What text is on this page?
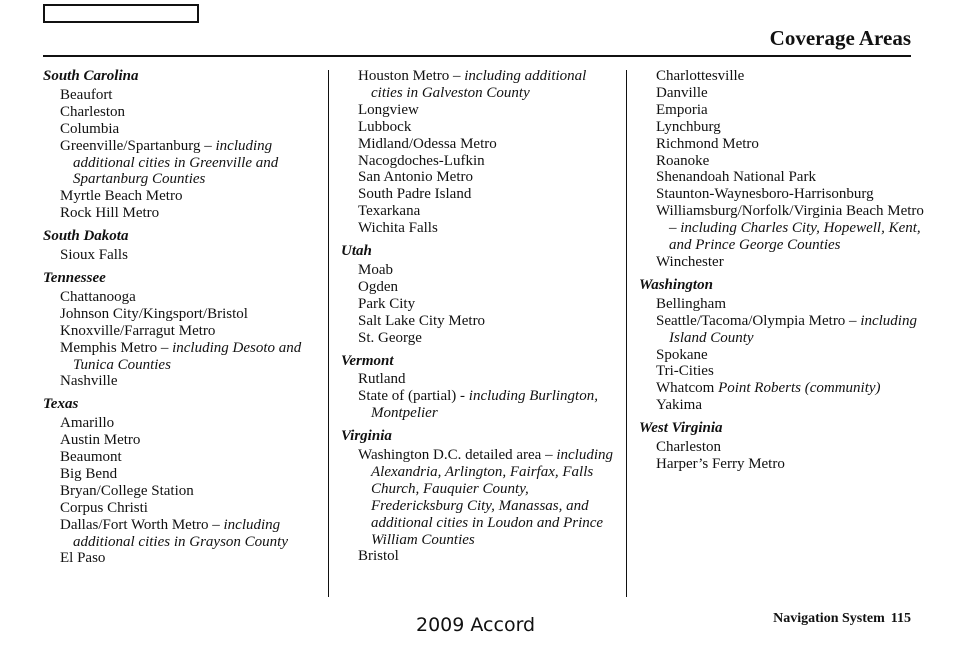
Coverage Areas
South Carolina
Beaufort
Charleston
Columbia
Greenville/Spartanburg – including additional cities in Greenville and Spartanburg Counties
Myrtle Beach Metro
Rock Hill Metro
South Dakota
Sioux Falls
Tennessee
Chattanooga
Johnson City/Kingsport/Bristol
Knoxville/Farragut Metro
Memphis Metro – including Desoto and Tunica Counties
Nashville
Texas
Amarillo
Austin Metro
Beaumont
Big Bend
Bryan/College Station
Corpus Christi
Dallas/Fort Worth Metro – including additional cities in Grayson County
El Paso
Houston Metro – including additional cities in Galveston County
Longview
Lubbock
Midland/Odessa Metro
Nacogdoches-Lufkin
San Antonio Metro
South Padre Island
Texarkana
Wichita Falls
Utah
Moab
Ogden
Park City
Salt Lake City Metro
St. George
Vermont
Rutland
State of (partial) - including Burlington, Montpelier
Virginia
Washington D.C. detailed area – including Alexandria, Arlington, Fairfax, Falls Church, Fauquier County, Fredericksburg City, Manassas, and additional cities in Loudon and Prince William Counties
Bristol
Charlottesville
Danville
Emporia
Lynchburg
Richmond Metro
Roanoke
Shenandoah National Park
Staunton-Waynesboro-Harrisonburg
Williamsburg/Norfolk/Virginia Beach Metro – including Charles City, Hopewell, Kent, and Prince George Counties
Winchester
Washington
Bellingham
Seattle/Tacoma/Olympia Metro – including Island County
Spokane
Tri-Cities
Whatcom Point Roberts (community)
Yakima
West Virginia
Charleston
Harper’s Ferry Metro
2009 Accord	Navigation System 115
